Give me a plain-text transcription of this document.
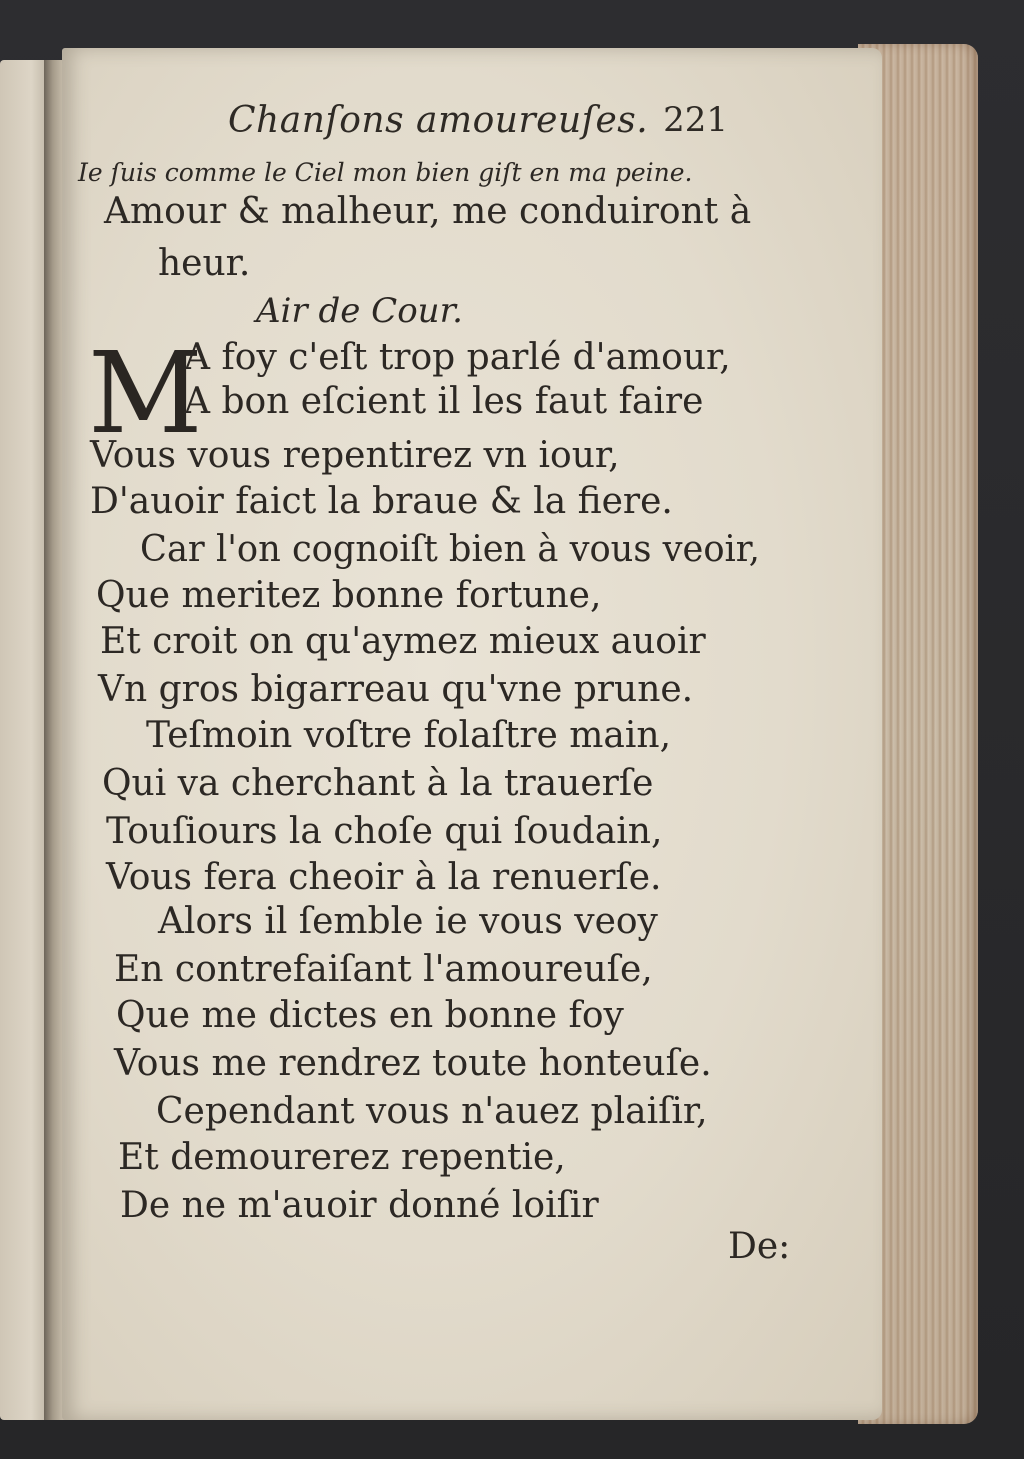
Chanſons amoureuſes. 221
Ie ſuis comme le Ciel mon bien giſt en ma peine.
Amour & malheur, me conduiront à
heur.
Air de Cour.
M
A foy c'eſt trop parlé d'amour,
A bon eſcient il les faut faire
Vous vous repentirez vn iour,
D'auoir faict la braue & la fiere.
Car l'on cognoiſt bien à vous veoir,
Que meritez bonne fortune,
Et croit on qu'aymez mieux auoir
Vn gros bigarreau qu'vne prune.
Teſmoin voſtre folaſtre main,
Qui va cherchant à la trauerſe
Touſiours la choſe qui ſoudain,
Vous fera cheoir à la renuerſe.
Alors il ſemble ie vous veoy
En contrefaiſant l'amoureuſe,
Que me dictes en bonne foy
Vous me rendrez toute honteuſe.
Cependant vous n'auez plaiſir,
Et demourerez repentie,
De ne m'auoir donné loiſir
De:
